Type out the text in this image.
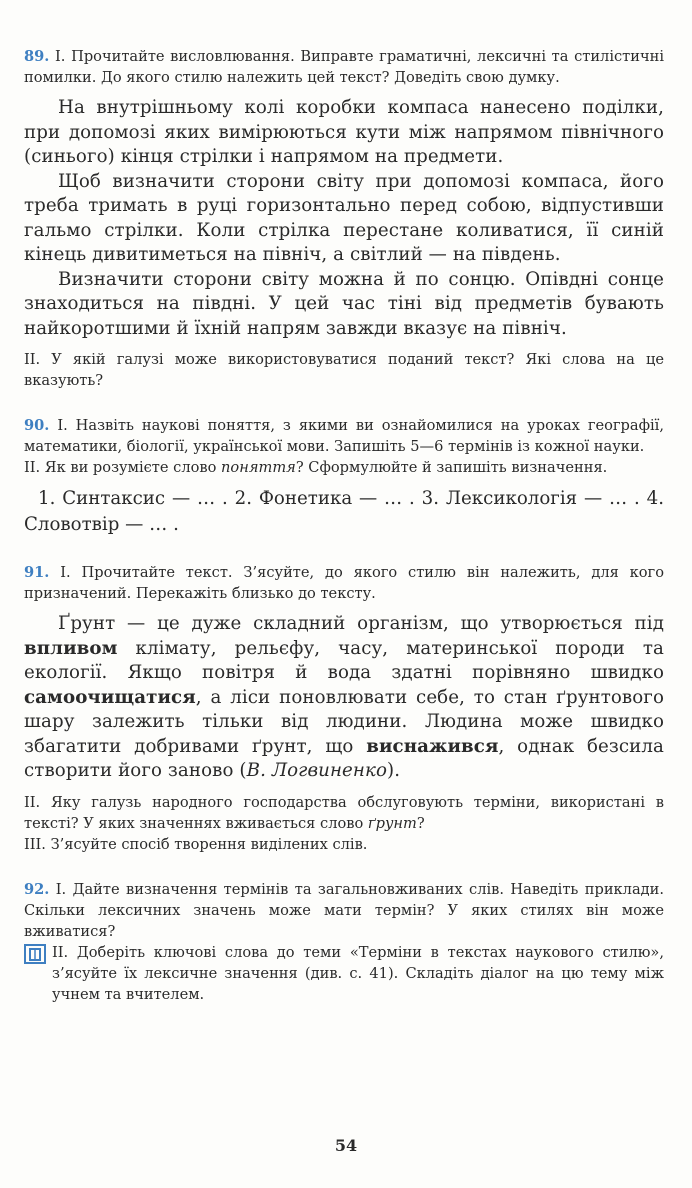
89. І. Прочитайте висловлювання. Виправте граматичні, лексичні та стилістичні помилки. До якого стилю належить цей текст? Доведіть свою думку.

На внутрішньому колі коробки компаса нанесено поділки, при допомозі яких вимірюються кути між напрямом північного (синього) кінця стрілки і напрямом на предмети.

Щоб визначити сторони світу при допомозі компаса, його треба тримать в руці горизонтально перед собою, відпустивши гальмо стрілки. Коли стрілка перестане коливатися, її синій кінець дивитиметься на північ, а світлий — на південь.

Визначити сторони світу можна й по сонцю. Опівдні сонце знаходиться на півдні. У цей час тіні від предметів бувають найкоротшими й їхній напрям завжди вказує на північ.

ІІ. У якій галузі може використовуватися поданий текст? Які слова на це вказують?

90. І. Назвіть наукові поняття, з якими ви ознайомилися на уроках географії, математики, біології, української мови. Запишіть 5—6 термінів із кожної науки.

ІІ. Як ви розумієте слово поняття? Сформулюйте й запишіть визначення.

1. Синтаксис — … . 2. Фонетика — … . 3. Лексикологія — … . 4. Словотвір — … .

91. І. Прочитайте текст. З’ясуйте, до якого стилю він належить, для кого призначений. Перекажіть близько до тексту.

Ґрунт — це дуже складний організм, що утворюється під впливом клімату, рельєфу, часу, материнської породи та екології. Якщо повітря й вода здатні порівняно швидко самоочищатися, а ліси поновлювати себе, то стан ґрунтового шару залежить тільки від людини. Людина може швидко збагатити добривами ґрунт, що виснажився, однак безсила створити його заново (В. Логвиненко).

ІІ. Яку галузь народного господарства обслуговують терміни, використані в тексті? У яких значеннях вживається слово ґрунт?

ІІІ. З’ясуйте спосіб творення виділених слів.

92. І. Дайте визначення термінів та загальновживаних слів. Наведіть приклади. Скільки лексичних значень може мати термін? У яких стилях він може вживатися?

ІІ. Доберіть ключові слова до теми «Терміни в текстах наукового стилю», з’ясуйте їх лексичне значення (див. с. 41). Складіть діалог на цю тему між учнем та вчителем.

54
